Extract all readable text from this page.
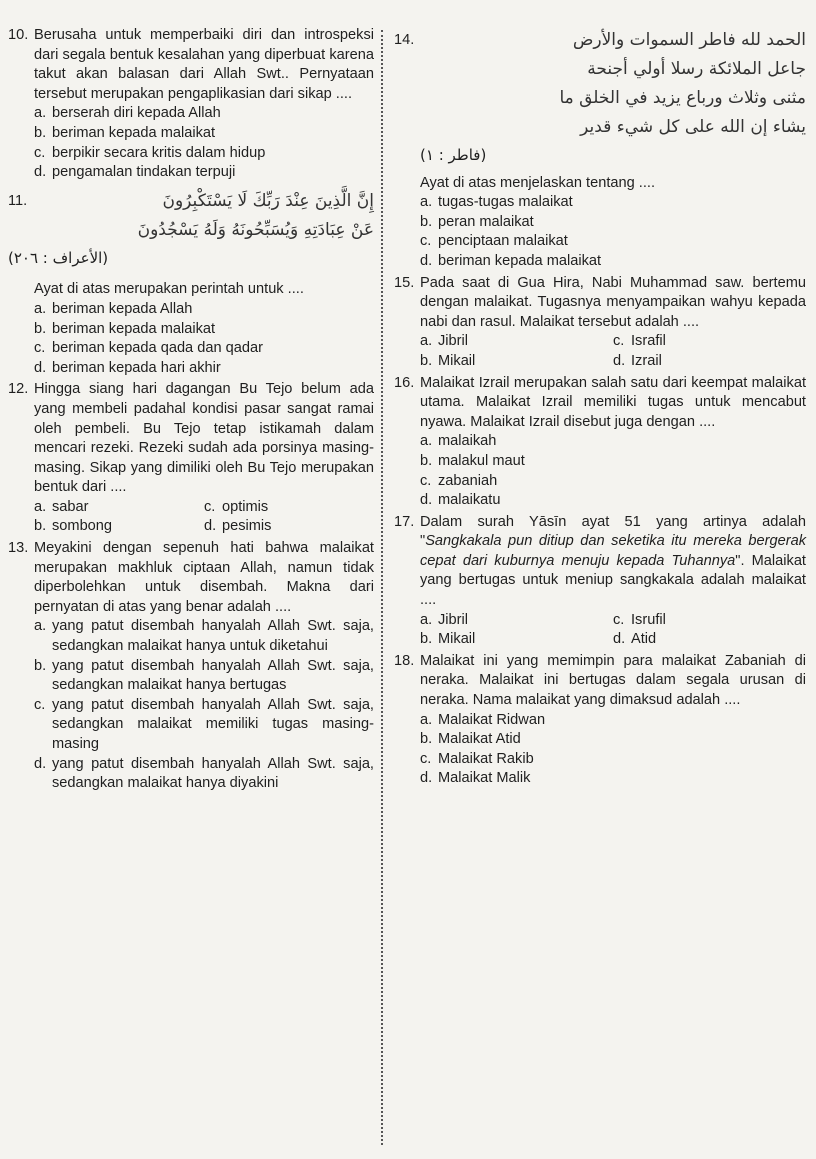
10. Berusaha untuk memperbaiki diri dan introspeksi dari segala bentuk kesalahan yang diperbuat karena takut akan balasan dari Allah Swt.. Pernyataan tersebut merupakan pengaplikasian dari sikap ....
a. berserah diri kepada Allah
b. beriman kepada malaikat
c. berpikir secara kritis dalam hidup
d. pengamalan tindakan terpuji
11.	إِنَّ الَّذِينَ عِنْدَ رَبِّكَ لَا يَسْتَكْبِرُونَ
عَنْ عِبَادَتِهِ وَيُسَبِّحُونَهُ وَلَهُ يَسْجُدُونَ
(الأعراف : ٢٠٦)
Ayat di atas merupakan perintah untuk ....
a. beriman kepada Allah
b. beriman kepada malaikat
c. beriman kepada qada dan qadar
d. beriman kepada hari akhir
12. Hingga siang hari dagangan Bu Tejo belum ada yang membeli padahal kondisi pasar sangat ramai oleh pembeli. Bu Tejo tetap istikamah dalam mencari rezeki. Rezeki sudah ada porsinya masing-masing. Sikap yang dimiliki oleh Bu Tejo merupakan bentuk dari ....
a. sabar	c. optimis
b. sombong	d. pesimis
13. Meyakini dengan sepenuh hati bahwa malaikat merupakan makhluk ciptaan Allah, namun tidak diperbolehkan untuk disembah. Makna dari pernyatan di atas yang benar adalah ....
a. yang patut disembah hanyalah Allah Swt. saja, sedangkan malaikat hanya untuk diketahui
b. yang patut disembah hanyalah Allah Swt. saja, sedangkan malaikat hanya bertugas
c. yang patut disembah hanyalah Allah Swt. saja, sedangkan malaikat memiliki tugas masing-masing
d. yang patut disembah hanyalah Allah Swt. saja, sedangkan malaikat hanya diyakini
14.	الحمد لله فاطر السموات والأرض
جاعل الملائكة رسلا أولي أجنحة
مثنى وثلاث ورباع يزيد في الخلق ما
يشاء إن الله على كل شيء قدير
(فاطر : ١)
Ayat di atas menjelaskan tentang ....
a. tugas-tugas malaikat
b. peran malaikat
c. penciptaan malaikat
d. beriman kepada malaikat
15. Pada saat di Gua Hira, Nabi Muhammad saw. bertemu dengan malaikat. Tugasnya menyampaikan wahyu kepada nabi dan rasul. Malaikat tersebut adalah ....
a. Jibril	c. Israfil
b. Mikail	d. Izrail
16. Malaikat Izrail merupakan salah satu dari keempat malaikat utama. Malaikat Izrail memiliki tugas untuk mencabut nyawa. Malaikat Izrail disebut juga dengan ....
a. malaikah
b. malakul maut
c. zabaniah
d. malaikatu
17. Dalam surah Yāsīn ayat 51 yang artinya adalah "Sangkakala pun ditiup dan seketika itu mereka bergerak cepat dari kuburnya menuju kepada Tuhannya". Malaikat yang bertugas untuk meniup sangkakala adalah malaikat ....
a. Jibril	c. Isrufil
b. Mikail	d. Atid
18. Malaikat ini yang memimpin para malaikat Zabaniah di neraka. Malaikat ini bertugas dalam segala urusan di neraka. Nama malaikat yang dimaksud adalah ....
a. Malaikat Ridwan
b. Malaikat Atid
c. Malaikat Rakib
d. Malaikat Malik
